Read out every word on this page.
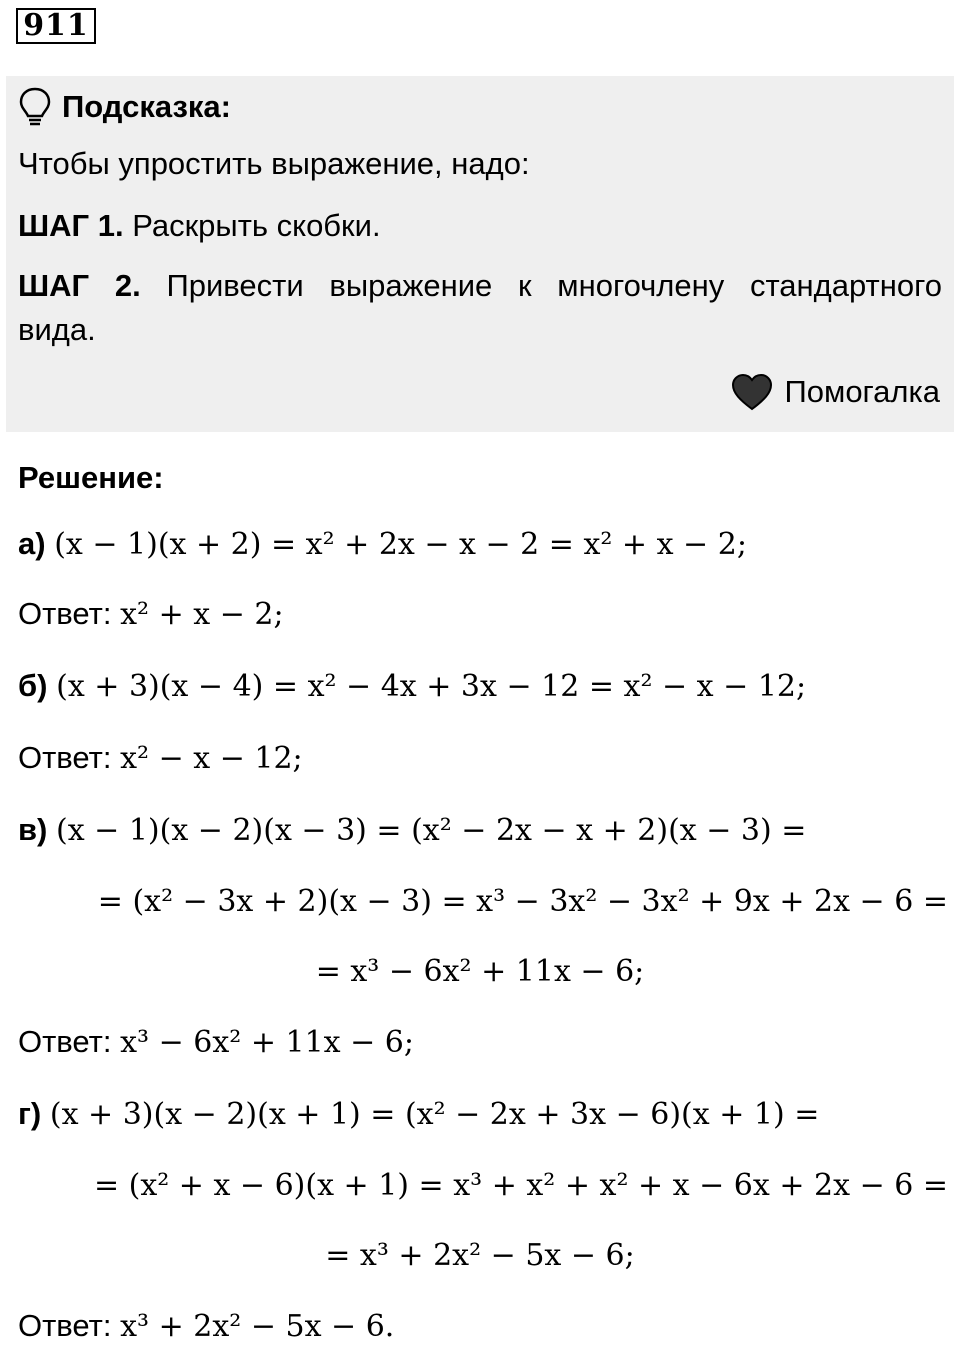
911
Подсказка:
Чтобы упростить выражение, надо:
ШАГ 1. Раскрыть скобки.
ШАГ 2. Привести выражение к многочлену стандартного
вида.
Помогалка
Решение:
а) (x − 1)(x + 2) = x² + 2x − x − 2 = x² + x − 2;
Ответ: x² + x − 2;
б) (x + 3)(x − 4) = x² − 4x + 3x − 12 = x² − x − 12;
Ответ: x² − x − 12;
в) (x − 1)(x − 2)(x − 3) = (x² − 2x − x + 2)(x − 3) =
= (x² − 3x + 2)(x − 3) = x³ − 3x² − 3x² + 9x + 2x − 6 =
= x³ − 6x² + 11x − 6;
Ответ: x³ − 6x² + 11x − 6;
г) (x + 3)(x − 2)(x + 1) = (x² − 2x + 3x − 6)(x + 1) =
= (x² + x − 6)(x + 1) = x³ + x² + x² + x − 6x + 2x − 6 =
= x³ + 2x² − 5x − 6;
Ответ: x³ + 2x² − 5x − 6.
